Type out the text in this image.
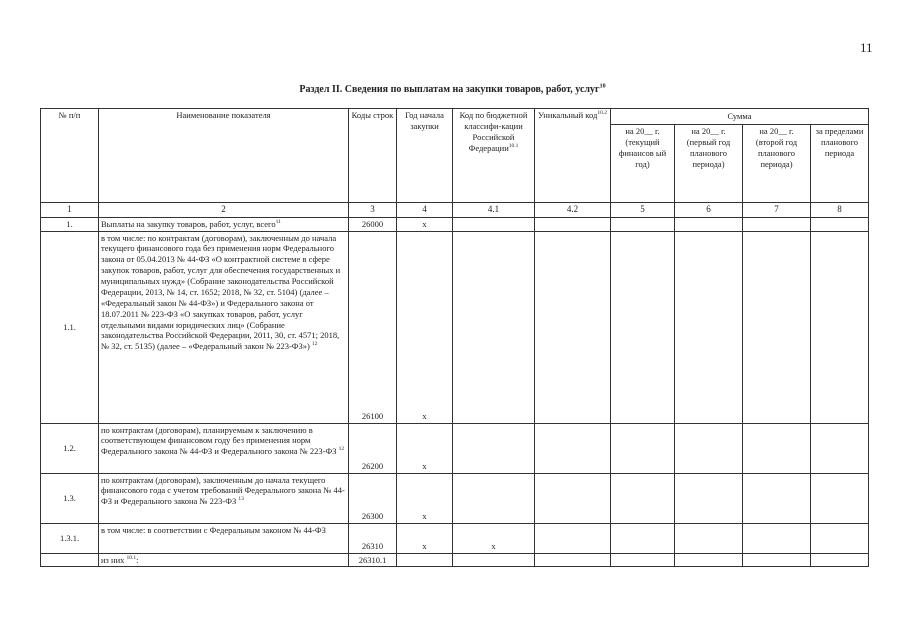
11
Раздел II. Сведения по выплатам на закупки товаров, работ, услуг$^{10}$
№ п/п	Наименование показателя	Коды строк	Год начала закупки	Код по бюджетной классифи-кации Российской Федерации$^{10.1}$	Уникальный код$^{10.2}$	Сумма			
						на 20__ г. (текущий финансов ый год)	на 20__ г. (первый год планового периода)	на 20__ г. (второй год планового периода)	за пределами планового периода
1	2	3	4	4.1	4.2	5	6	7	8
1.	Выплаты на закупку товаров, работ, услуг, всего$^{11}$	26000	x						
1.1.	в том числе: по контрактам (договорам), заключенным до начала текущего финансового года без применения норм Федерального закона от 05.04.2013 № 44-ФЗ «О контрактной системе в сфере закупок товаров, работ, услуг для обеспечения государственных и муниципальных нужд» (Собрание законодательства Российской Федерации, 2013, № 14, ст. 1652; 2018, № 32, ст. 5104) (далее – «Федеральный закон № 44-ФЗ») и Федерального закона от 18.07.2011 № 223-ФЗ «О закупках товаров, работ, услуг отдельными видами юридических лиц» (Собрание законодательства Российской Федерации, 2011, 30, ст. 4571; 2018, № 32, ст. 5135) (далее – «Федеральный закон № 223-ФЗ») $^{12}$	26100	x						
1.2.	по контрактам (договорам), планируемым к заключению в соответствующем финансовом году без применения норм Федерального закона № 44-ФЗ и Федерального закона № 223-ФЗ $^{12}$	26200	x						
1.3.	по контрактам (договорам), заключенным до начала текущего финансового года с учетом требований Федерального закона № 44-ФЗ и Федерального закона № 223-ФЗ $^{13}$	26300	x						
1.3.1.	в том числе: в соответствии с Федеральным законом № 44-ФЗ	26310	x	x					
	из них $^{10.1}$:	26310.1							
